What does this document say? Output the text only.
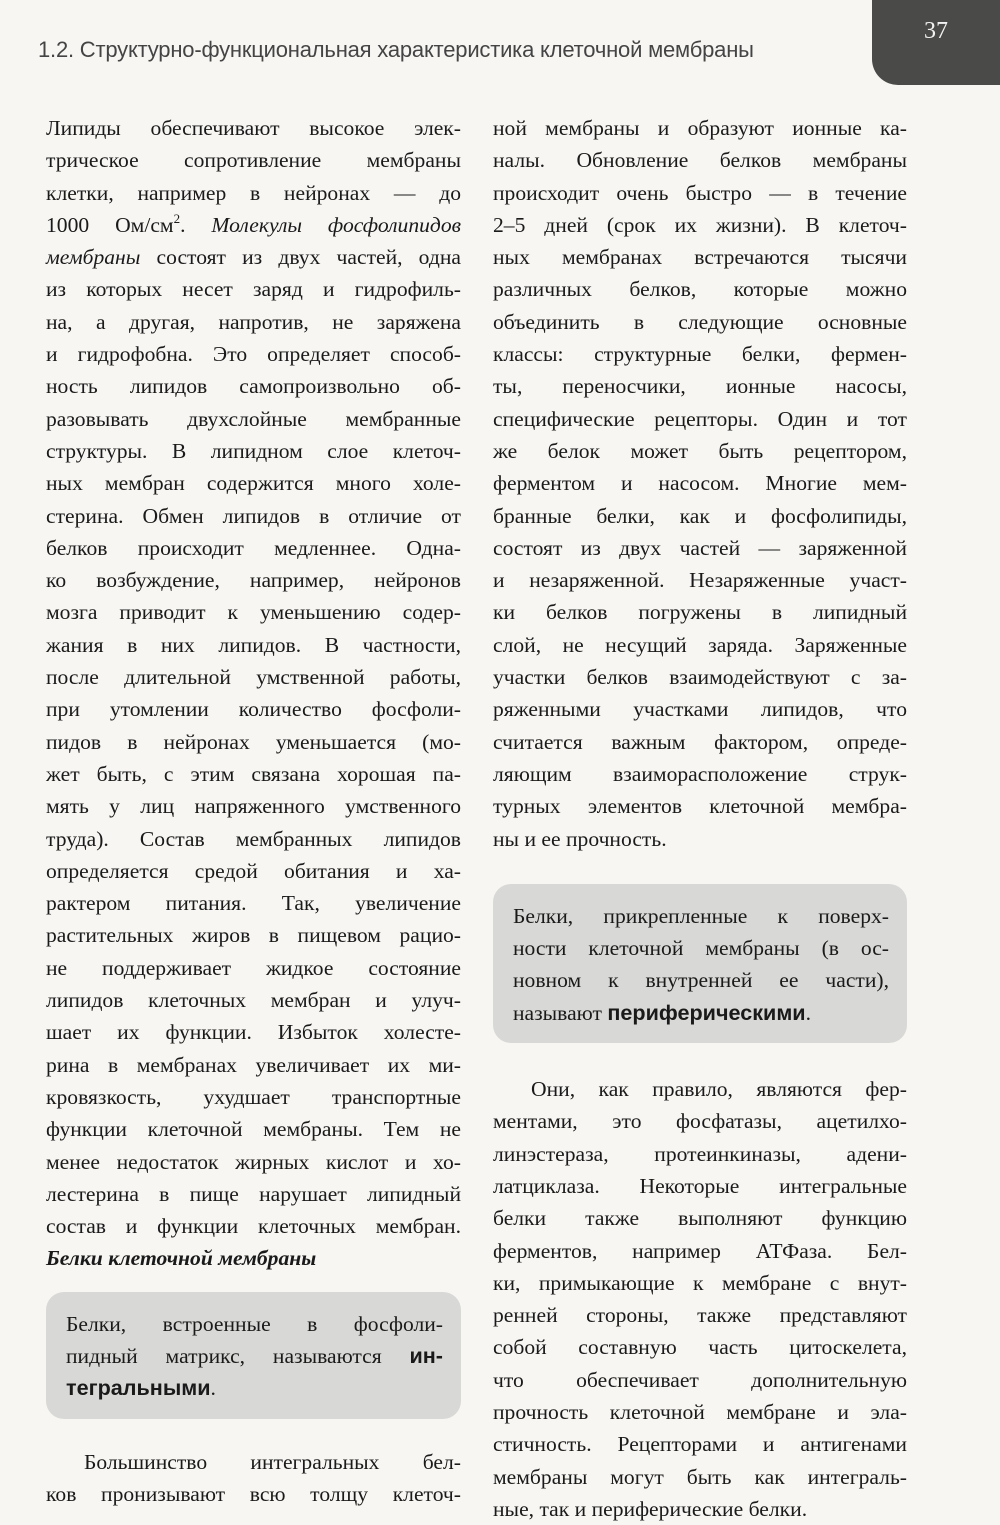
1.2. Структурно-функциональная характеристика клеточной мембраны
37

Липиды обеспечивают высокое элек-
трическое сопротивление мембраны
клетки, например в нейронах — до
1000 $Ом/см^2$. Молекулы фосфолипидов
мембраны состоят из двух частей, одна
из которых несет заряд и гидрофиль-
на, а другая, напротив, не заряжена
и гидрофобна. Это определяет способ-
ность липидов самопроизвольно об-
разовывать двухслойные мембранные
структуры. В липидном слое клеточ-
ных мембран содержится много холе-
стерина. Обмен липидов в отличие от
белков происходит медленнее. Одна-
ко возбуждение, например, нейронов
мозга приводит к уменьшению содер-
жания в них липидов. В частности,
после длительной умственной работы,
при утомлении количество фосфоли-
пидов в нейронах уменьшается (мо-
жет быть, с этим связана хорошая па-
мять у лиц напряженного умственного
труда). Состав мембранных липидов
определяется средой обитания и ха-
рактером питания. Так, увеличение
растительных жиров в пищевом рацио-
не поддерживает жидкое состояние
липидов клеточных мембран и улуч-
шает их функции. Избыток холесте-
рина в мембранах увеличивает их ми-
кровязкость, ухудшает транспортные
функции клеточной мембраны. Тем не
менее недостаток жирных кислот и хо-
лестерина в пище нарушает липидный
состав и функции клеточных мембран.

Белки клеточной мембраны

Белки, встроенные в фосфоли-
пидный матрикс, называются ин-
тегральными.

Большинство интегральных бел-
ков пронизывают всю толщу клеточ-

ной мембраны и образуют ионные ка-
налы. Обновление белков мембраны
происходит очень быстро — в течение
2–5 дней (срок их жизни). В клеточ-
ных мембранах встречаются тысячи
различных белков, которые можно
объединить в следующие основные
классы: структурные белки, фермен-
ты, переносчики, ионные насосы,
специфические рецепторы. Один и тот
же белок может быть рецептором,
ферментом и насосом. Многие мем-
бранные белки, как и фосфолипиды,
состоят из двух частей — заряженной
и незаряженной. Незаряженные участ-
ки белков погружены в липидный
слой, не несущий заряда. Заряженные
участки белков взаимодействуют с за-
ряженными участками липидов, что
считается важным фактором, опреде-
ляющим взаиморасположение струк-
турных элементов клеточной мембра-
ны и ее прочность.

Белки, прикрепленные к поверх-
ности клеточной мембраны (в ос-
новном к внутренней ее части),
называют периферическими.

Они, как правило, являются фер-
ментами, это фосфатазы, ацетилхо-
линэстераза, протеинкиназы, адени-
латциклаза. Некоторые интегральные
белки также выполняют функцию
ферментов, например АТФаза. Бел-
ки, примыкающие к мембране с внут-
ренней стороны, также представляют
собой составную часть цитоскелета,
что обеспечивает дополнительную
прочность клеточной мембране и эла-
стичность. Рецепторами и антигенами
мембраны могут быть как интеграль-
ные, так и периферические белки.
